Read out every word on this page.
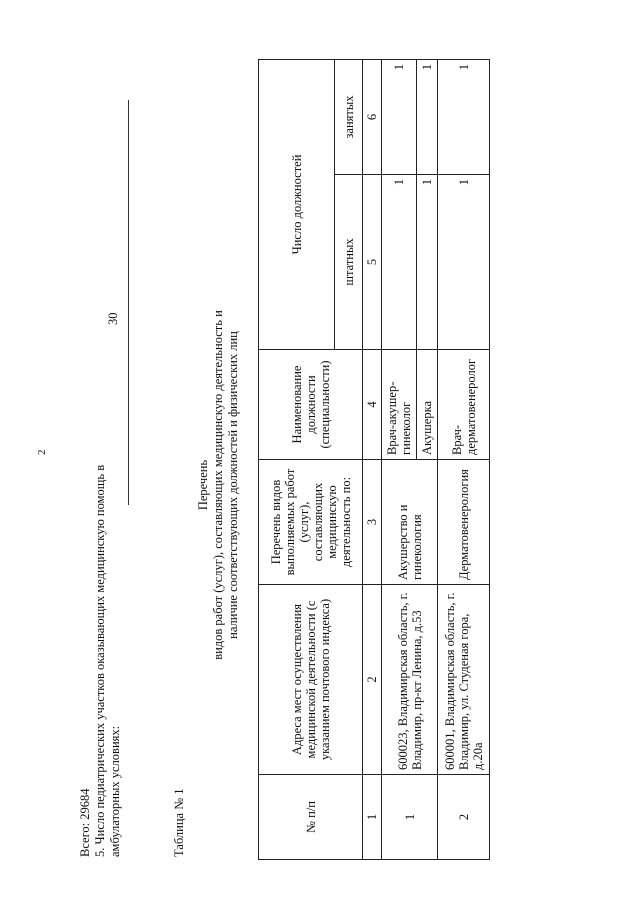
2
Всего: 29684 5. Число педиатрических участков оказывающих медицинскую помощь в амбулаторных условиях:
30
Таблица № 1
Перечень видов работ (услуг), составляющих медицинскую деятельность и наличие соответствующих должностей и физических лиц
№ п/п	Адреса мест осуществления медицинской деятельности (с указанием почтового индекса)	Перечень видов выполняемых работ (услуг), составляющих медицинскую деятельность по:	Наименование должности (специальности)	Число должностей	
				штатных	занятых
1	2	3	4	5	6
1	600023, Владимирская область, г. Владимир, пр-кт Ленина, д.53	Акушерство и гинекология	Врач-акушер-гинеколог	1	1
			Акушерка	1	1
2	600001, Владимирская область, г. Владимир, ул. Студеная гора, д.20а	Дерматовенерология	Врач-дерматовенеролог	1	1
